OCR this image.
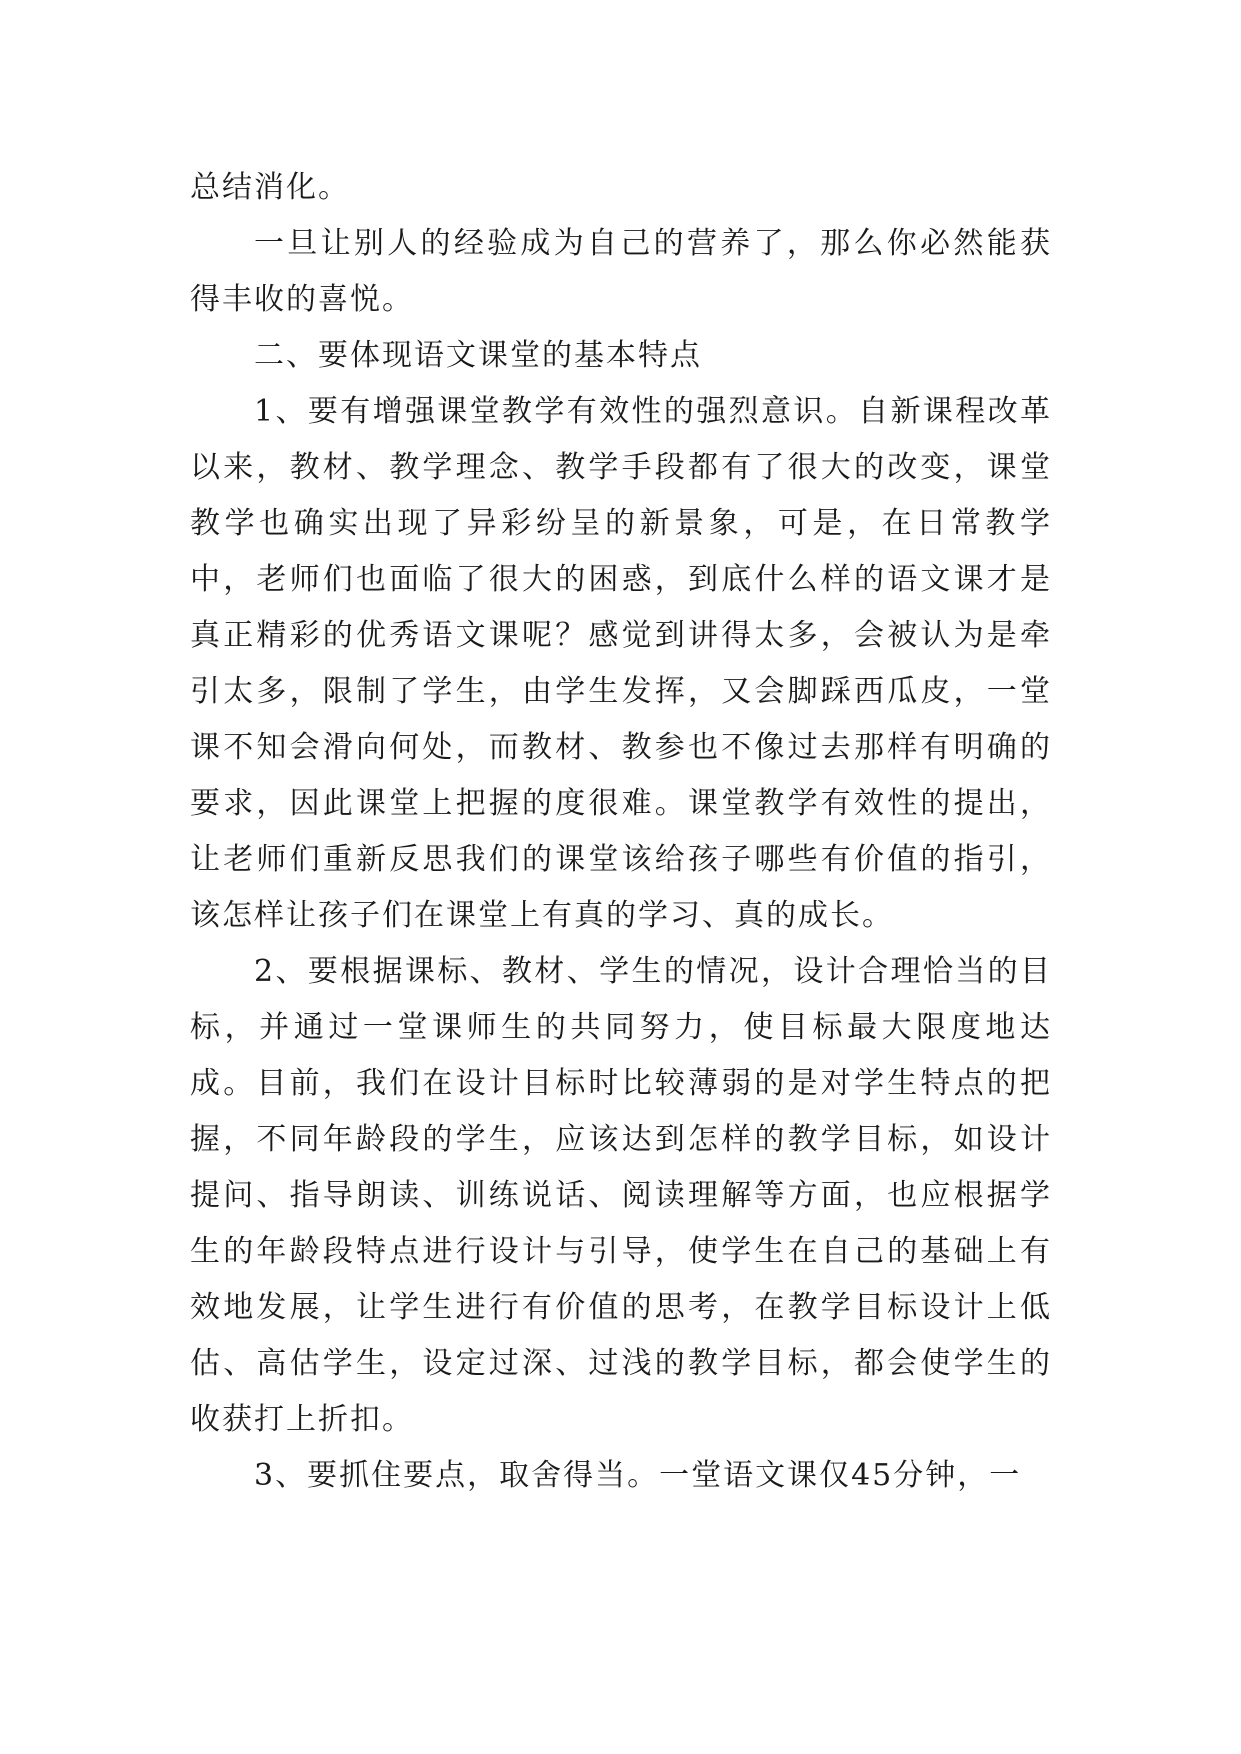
总结消化。

一旦让别人的经验成为自己的营养了，那么你必然能获得丰收的喜悦。

二、要体现语文课堂的基本特点

1、要有增强课堂教学有效性的强烈意识。自新课程改革以来，教材、教学理念、教学手段都有了很大的改变，课堂教学也确实出现了异彩纷呈的新景象，可是，在日常教学中，老师们也面临了很大的困惑，到底什么样的语文课才是真正精彩的优秀语文课呢？感觉到讲得太多，会被认为是牵引太多，限制了学生，由学生发挥，又会脚踩西瓜皮，一堂课不知会滑向何处，而教材、教参也不像过去那样有明确的要求，因此课堂上把握的度很难。课堂教学有效性的提出，让老师们重新反思我们的课堂该给孩子哪些有价值的指引，该怎样让孩子们在课堂上有真的学习、真的成长。

2、要根据课标、教材、学生的情况，设计合理恰当的目标，并通过一堂课师生的共同努力，使目标最大限度地达成。目前，我们在设计目标时比较薄弱的是对学生特点的把握，不同年龄段的学生，应该达到怎样的教学目标，如设计提问、指导朗读、训练说话、阅读理解等方面，也应根据学生的年龄段特点进行设计与引导，使学生在自己的基础上有效地发展，让学生进行有价值的思考，在教学目标设计上低估、高估学生，设定过深、过浅的教学目标，都会使学生的收获打上折扣。

3、要抓住要点，取舍得当。一堂语文课仅45分钟，一
